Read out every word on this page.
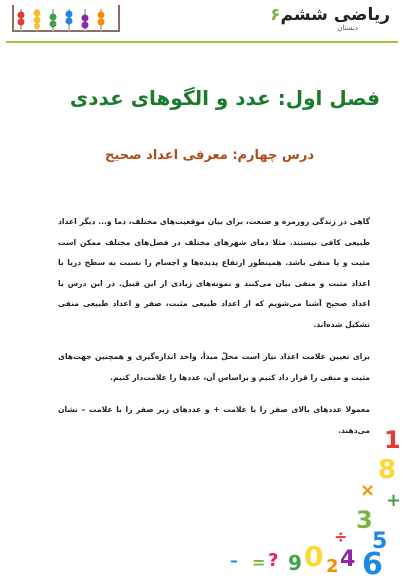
ریاضی ششم۶
دبستان
فصل اول: عدد و الگوهای عددی
درس چهارم: معرفی اعداد صحیح

گاهی در زندگی روزمره و صنعت، برای بیان موقعیت‌های مختلف، دما و... دیگر اعداد طبیعی کافی نیستند. مثلا دمای شهرهای مختلف در فصل‌های مختلف ممکن است مثبت و یا منفی باشد. همینطور ارتفاع پدیده‌ها و اجسام را نسبت به سطح دریا با اعداد مثبت و منفی بیان می‌کنند و نمونه‌های زیادی از این قبیل. در این درس با اعداد صحیح آشنا می‌شویم که از اعداد طبیعی مثبت، صفر و اعداد طبیعی منفی تشکیل شده‌اند.

برای تعیین علامت اعداد نیاز است محلّ مبدأ، واحد اندازه‌گیری و همچنین جهت‌های مثبت و منفی را قرار داد کنیم و براساس آن، عددها را علامت‌دار کنیم.

معمولا عددهای بالای صفر را با علامت + و عددهای زیر صفر را با علامت – نشان می‌دهند. 1
8
× +
3
÷ 5
4 6
0
9 2
?
=
–
